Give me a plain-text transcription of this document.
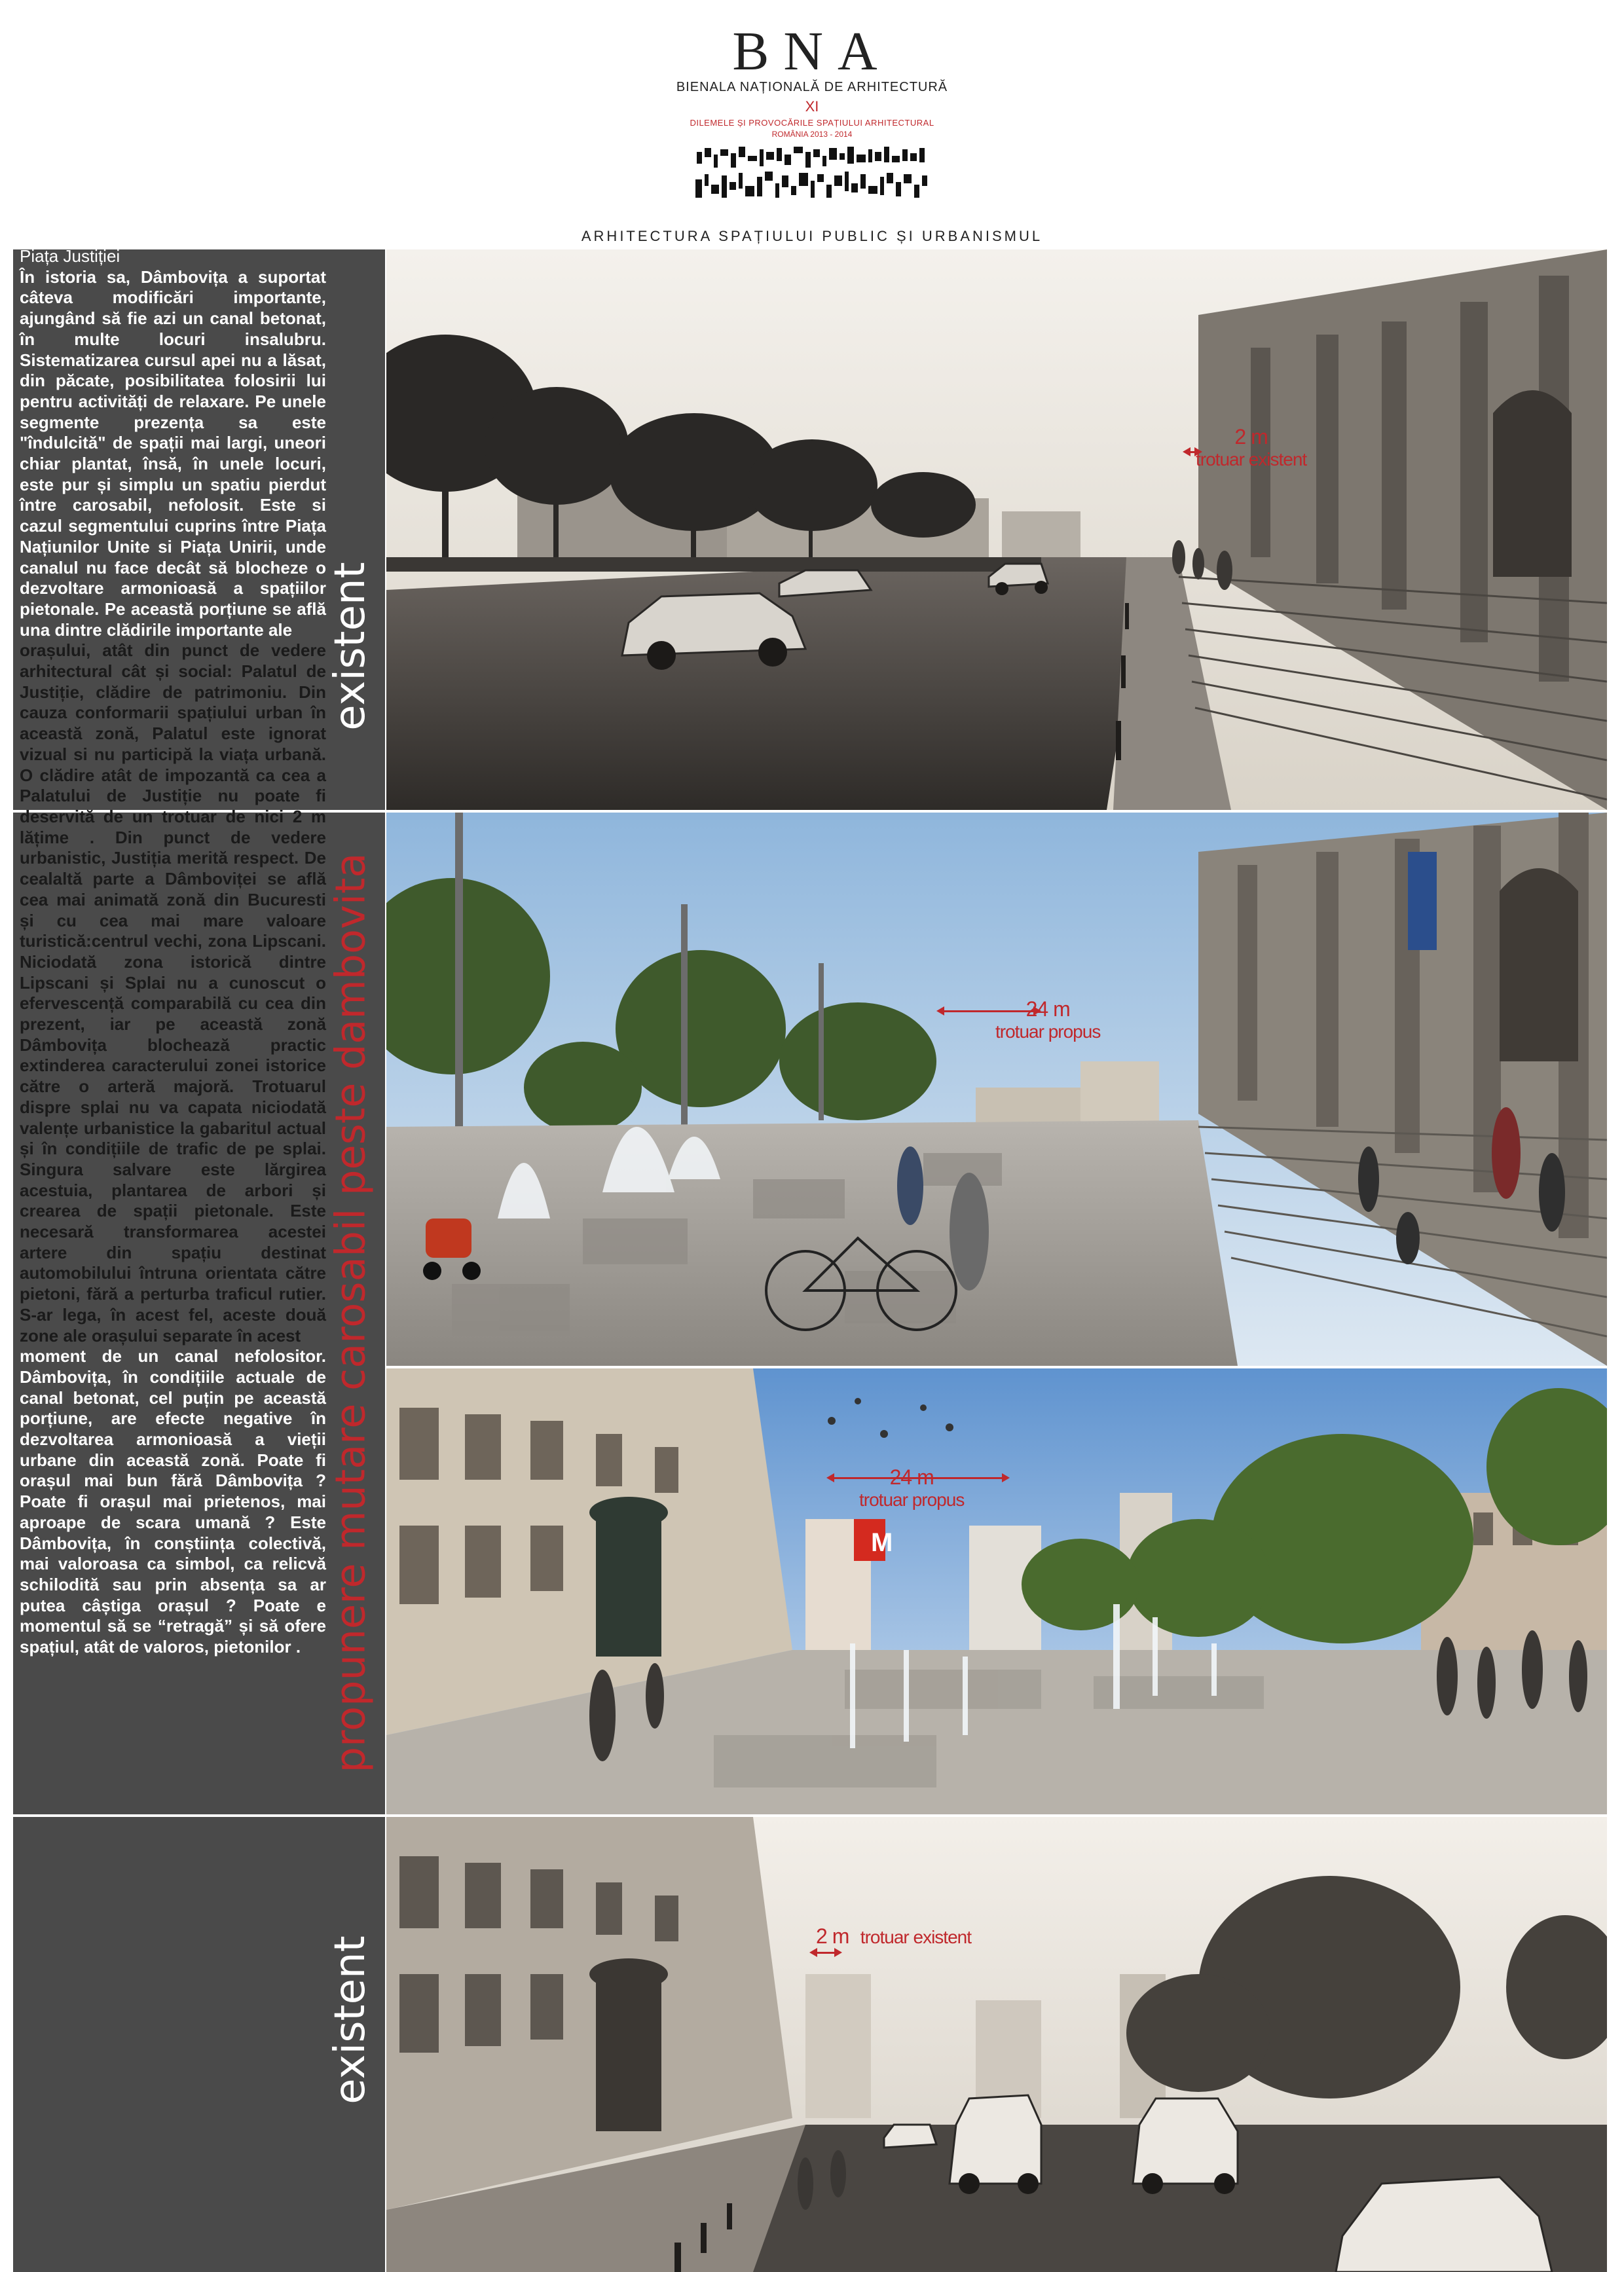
BNA
BIENALA NAȚIONALĂ DE ARHITECTURĂ
XI
DILEMELE ȘI PROVOCĂRILE SPAȚIULUI ARHITECTURAL
ROMÂNIA 2013 - 2014
ARHITECTURA SPAȚIULUI PUBLIC ȘI URBANISMUL
existent
propunere mutare carosabil peste dambovita
existent

Piața Justiției

În istoria sa, Dâmbovița a suportat câteva modificări importante, ajungând să fie azi un canal betonat, în multe locuri insalubru. Sistematizarea cursul apei nu a lăsat, din păcate, posibilitatea folosirii lui pentru activități de relaxare. Pe unele segmente prezența sa este "îndulcită" de spații mai largi, uneori chiar plantat, însă, în unele locuri, este pur și simplu un spatiu pierdut între carosabil, nefolosit. Este si cazul segmentului cuprins între Piața Națiunilor Unite si Piața Unirii, unde canalul nu face decât să blocheze o dezvoltare armonioasă a spațiilor pietonale. Pe această porțiune se află una dintre clădirile importante ale

orașului, atât din punct de vedere arhitectural cât și social: Palatul de Justiție, clădire de patrimoniu. Din cauza conformarii spațiului urban în această zonă, Palatul este ignorat vizual si nu participă la viața urbană. O clădire atât de impozantă ca cea a Palatului de Justiție nu poate fi deservită de un trotuar de nici 2 m lățime . Din punct de vedere urbanistic, Justiția merită respect. De cealaltă parte a Dâmboviței se află cea mai animată zonă din Bucuresti și cu cea mai mare valoare turistică:centrul vechi, zona Lipscani. Niciodată zona istorică dintre Lipscani și Splai nu a cunoscut o efervescență comparabilă cu cea din prezent, iar pe această zonă Dâmbovița blochează practic extinderea caracterului zonei istorice către o arteră majoră. Trotuarul dispre splai nu va capata niciodată valențe urbanistice la gabaritul actual și în condițiile de trafic de pe splai. Singura salvare este lărgirea acestuia, plantarea de arbori și crearea de spații pietonale. Este necesară transformarea acestei artere din spațiu destinat automobilului întruna orientata către pietoni, fără a perturba traficul rutier. S-ar lega, în acest fel, aceste două zone ale orașului separate în acest

moment de un canal nefolositor. Dâmbovița, în condițiile actuale de canal betonat, cel puțin pe această porțiune, are efecte negative în dezvoltarea armonioasă a vieții urbane din această zonă. Poate fi orașul mai bun fără Dâmbovița ? Poate fi orașul mai prietenos, mai aproape de scara umană ? Este Dâmbovița, în conștiința colectivă, mai valoroasa ca simbol, ca relicvă schilodită sau prin absența sa ar putea câștiga orașul ? Poate e momentul să se “retragă” și să ofere spațiul, atât de valoros, pietonilor .

2 m
trotuar existent
24 m
trotuar propus
M
24 m
trotuar propus
2 m trotuar existent
